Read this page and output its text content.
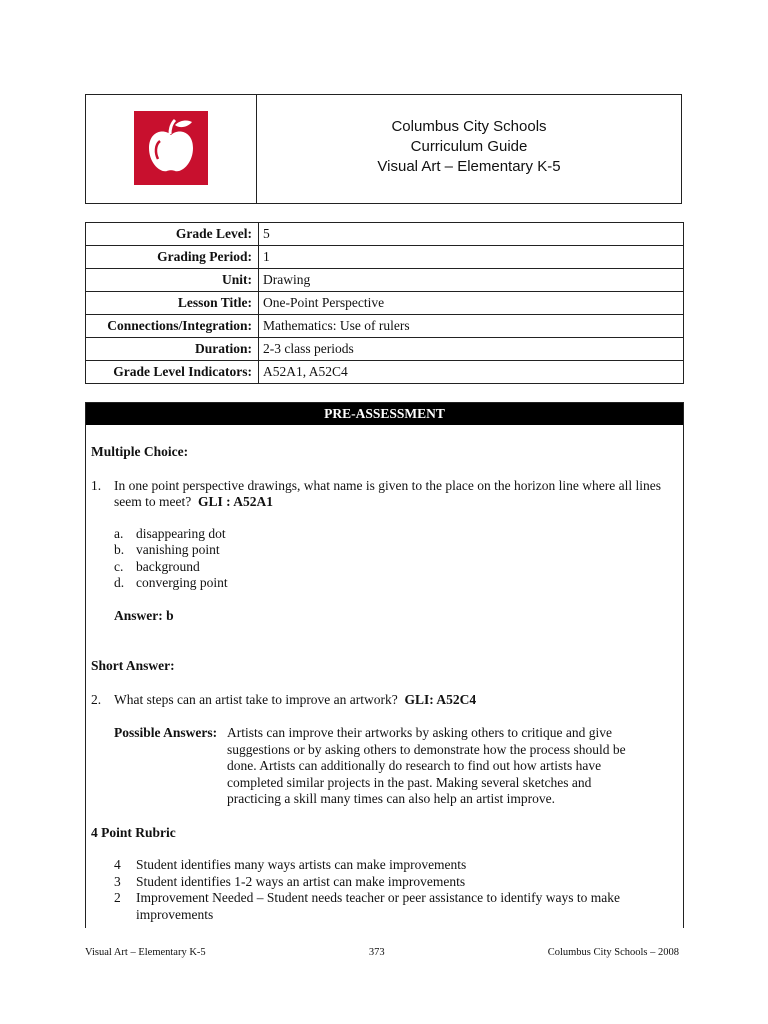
Columbus City Schools
Curriculum Guide
Visual Art – Elementary K-5
Grade Level:	5
Grading Period:	1
Unit:	Drawing
Lesson Title:	One-Point Perspective
Connections/Integration:	Mathematics: Use of rulers
Duration:	2-3 class periods
Grade Level Indicators:	A52A1, A52C4
PRE-ASSESSMENT
Multiple Choice:
1. In one point perspective drawings, what name is given to the place on the horizon line where all lines seem to meet? GLI : A52A1
a. disappearing dot
b. vanishing point
c. background
d. converging point
Answer: b
Short Answer:
2. What steps can an artist take to improve an artwork? GLI: A52C4
Possible Answers: Artists can improve their artworks by asking others to critique and give suggestions or by asking others to demonstrate how the process should be done. Artists can additionally do research to find out how artists have completed similar projects in the past. Making several sketches and practicing a skill many times can also help an artist improve.
4 Point Rubric
4	Student identifies many ways artists can make improvements
3	Student identifies 1-2 ways an artist can make improvements
2	Improvement Needed – Student needs teacher or peer assistance to identify ways to make improvements
Visual Art – Elementary K-5	373	Columbus City Schools – 2008
